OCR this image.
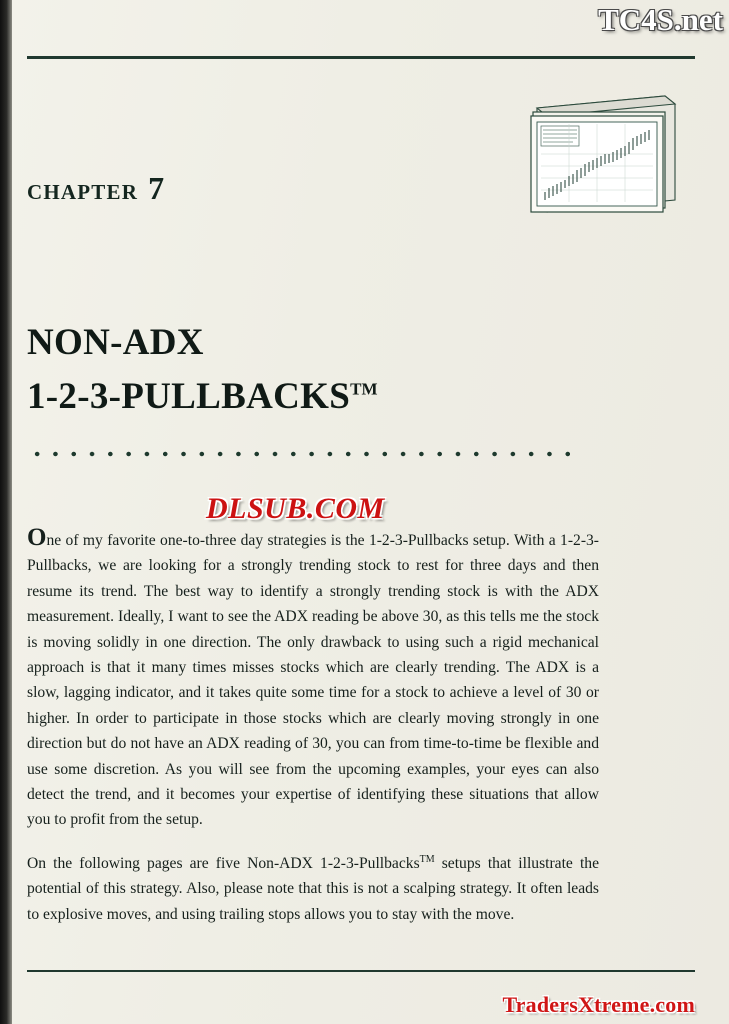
TC4S.net
CHAPTER 7
NON-ADX
1-2-3-PULLBACKS™
DLSUB.COM

One of my favorite one-to-three day strategies is the 1-2-3-Pullbacks setup. With a 1-2-3-Pullbacks, we are looking for a strongly trending stock to rest for three days and then resume its trend. The best way to identify a strongly trending stock is with the ADX measurement. Ideally, I want to see the ADX reading be above 30, as this tells me the stock is moving solidly in one direction. The only drawback to using such a rigid mechanical approach is that it many times misses stocks which are clearly trending. The ADX is a slow, lagging indicator, and it takes quite some time for a stock to achieve a level of 30 or higher. In order to participate in those stocks which are clearly moving strongly in one direction but do not have an ADX reading of 30, you can from time-to-time be flexible and use some discretion. As you will see from the upcoming examples, your eyes can also detect the trend, and it becomes your expertise of identifying these situations that allow you to profit from the setup.

On the following pages are five Non-ADX 1-2-3-Pullbacks™ setups that illustrate the potential of this strategy. Also, please note that this is not a scalping strategy. It often leads to explosive moves, and using trailing stops allows you to stay with the move.

TradersXtreme.com
